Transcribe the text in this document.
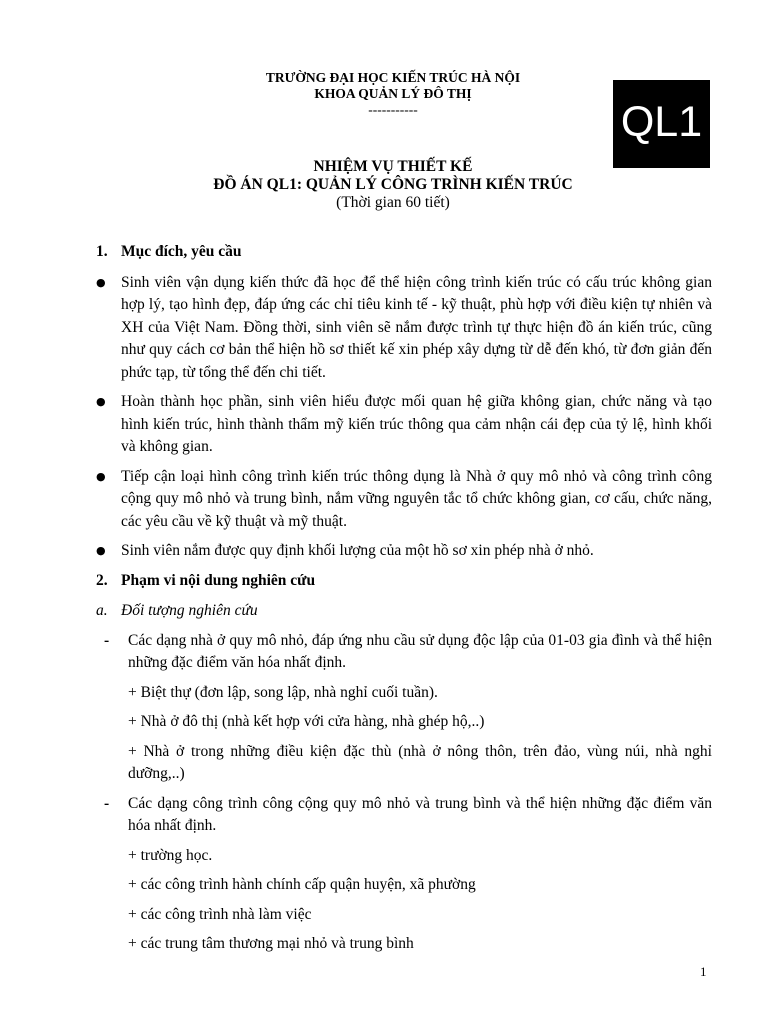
TRƯỜNG ĐẠI HỌC KIẾN TRÚC HÀ NỘI
KHOA QUẢN LÝ ĐÔ THỊ
-----------	QL1
NHIỆM VỤ THIẾT KẾ
ĐỒ ÁN QL1: QUẢN LÝ CÔNG TRÌNH KIẾN TRÚC
(Thời gian 60 tiết)
1. Mục đích, yêu cầu
● Sinh viên vận dụng kiến thức đã học để thể hiện công trình kiến trúc có cấu trúc không gian hợp lý, tạo hình đẹp, đáp ứng các chỉ tiêu kinh tế - kỹ thuật, phù hợp với điều kiện tự nhiên và XH của Việt Nam. Đồng thời, sinh viên sẽ nắm được trình tự thực hiện đồ án kiến trúc, cũng như quy cách cơ bản thể hiện hồ sơ thiết kế xin phép xây dựng từ dễ đến khó, từ đơn giản đến phức tạp, từ tổng thể đến chi tiết.
● Hoàn thành học phần, sinh viên hiểu được mối quan hệ giữa không gian, chức năng và tạo hình kiến trúc, hình thành thẩm mỹ kiến trúc thông qua cảm nhận cái đẹp của tỷ lệ, hình khối và không gian.
● Tiếp cận loại hình công trình kiến trúc thông dụng là Nhà ở quy mô nhỏ và công trình công cộng quy mô nhỏ và trung bình, nắm vững nguyên tắc tổ chức không gian, cơ cấu, chức năng, các yêu cầu về kỹ thuật và mỹ thuật.
● Sinh viên nắm được quy định khối lượng của một hồ sơ xin phép nhà ở nhỏ.
2. Phạm vi nội dung nghiên cứu
a. Đối tượng nghiên cứu
- Các dạng nhà ở quy mô nhỏ, đáp ứng nhu cầu sử dụng độc lập của 01-03 gia đình và thể hiện những đặc điểm văn hóa nhất định.
+ Biệt thự (đơn lập, song lập, nhà nghỉ cuối tuần).
+ Nhà ở đô thị (nhà kết hợp với cửa hàng, nhà ghép hộ,..)
+ Nhà ở trong những điều kiện đặc thù (nhà ở nông thôn, trên đảo, vùng núi, nhà nghỉ dưỡng,..)
- Các dạng công trình công cộng quy mô nhỏ và trung bình và thể hiện những đặc điểm văn hóa nhất định.
+ trường học.
+ các công trình hành chính cấp quận huyện, xã phường
+ các công trình nhà làm việc
+ các trung tâm thương mại nhỏ và trung bình
1
